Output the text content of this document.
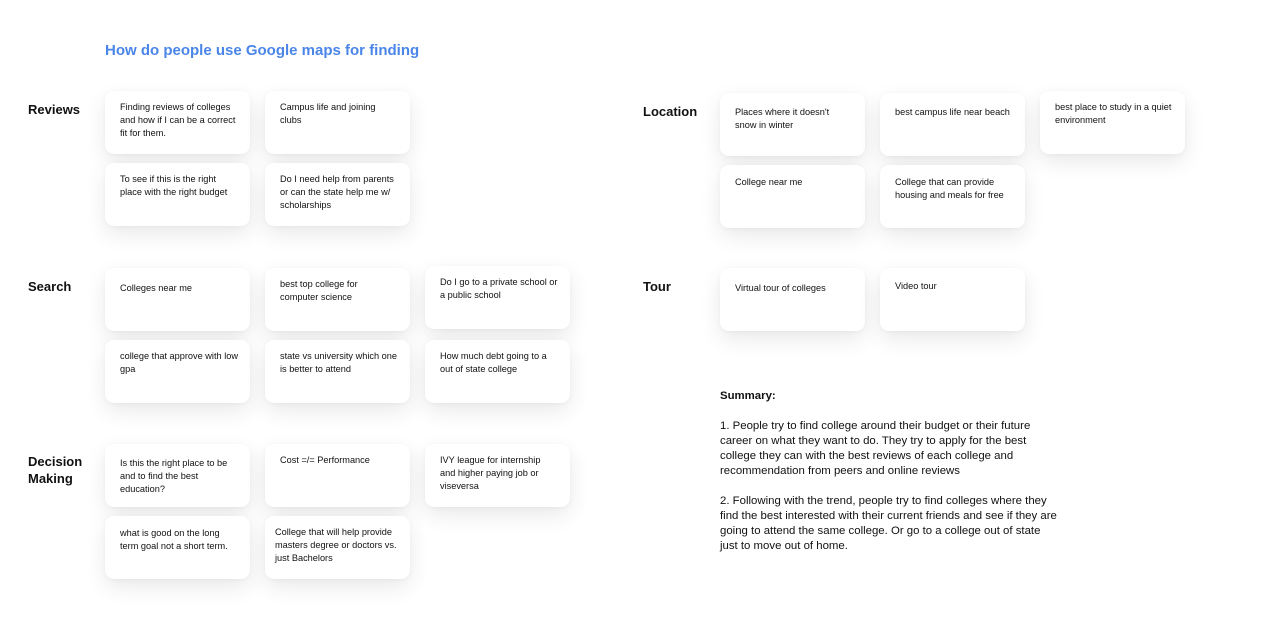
How do people use Google maps for finding
Reviews	Finding reviews of colleges and how if I can be a correct fit for them.
Campus life and joining clubs
To see if this is the right place with the right budget
Do I need help from parents or can the state help me w/ scholarships
Search	Colleges near me	best top college for computer science
Do I go to a private school or a public school
college that approve with low gpa
state vs university which one is better to attend
How much debt going to a out of state college
Decision Making
Is this the right place to be and to find the best education?
Cost =/= Performance	IVY league for internship and higher paying job or viseversa
what is good on the long term goal not a short term.
College that will help provide masters degree or doctors vs. just Bachelors
Location	Places where it doesn't snow in winter
best campus life near beach	best place to study in a quiet environment
College near me	College that can provide housing and meals for free
Tour	Virtual tour of colleges	Video tour
Summary:
1. People try to find college around their budget or their future career on what they want to do. They try to apply for the best college they can with the best reviews of each college and recommendation from peers and online reviews
2. Following with the trend, people try to find colleges where they find the best interested with their current friends and see if they are going to attend the same college. Or go to a college out of state just to move out of home.
